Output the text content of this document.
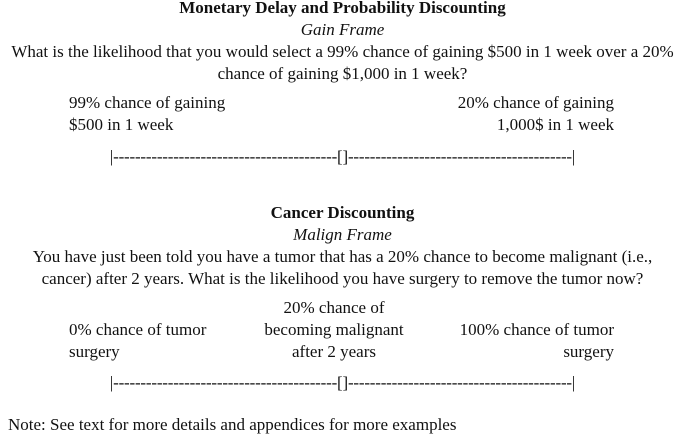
Monetary Delay and Probability Discounting
Gain Frame
What is the likelihood that you would select a 99% chance of gaining $500 in 1 week over a 20%
chance of gaining $1,000 in 1 week?
99% chance of gaining
$500 in 1 week
20% chance of gaining
1,000$ in 1 week
|-----------------------------------------[]-----------------------------------------|
Cancer Discounting
Malign Frame
You have just been told you have a tumor that has a 20% chance to become malignant (i.e.,
cancer) after 2 years. What is the likelihood you have surgery to remove the tumor now?
20% chance of
becoming malignant
after 2 years
0% chance of tumor
surgery
100% chance of tumor
surgery
|-----------------------------------------[]-----------------------------------------|
Note: See text for more details and appendices for more examples
